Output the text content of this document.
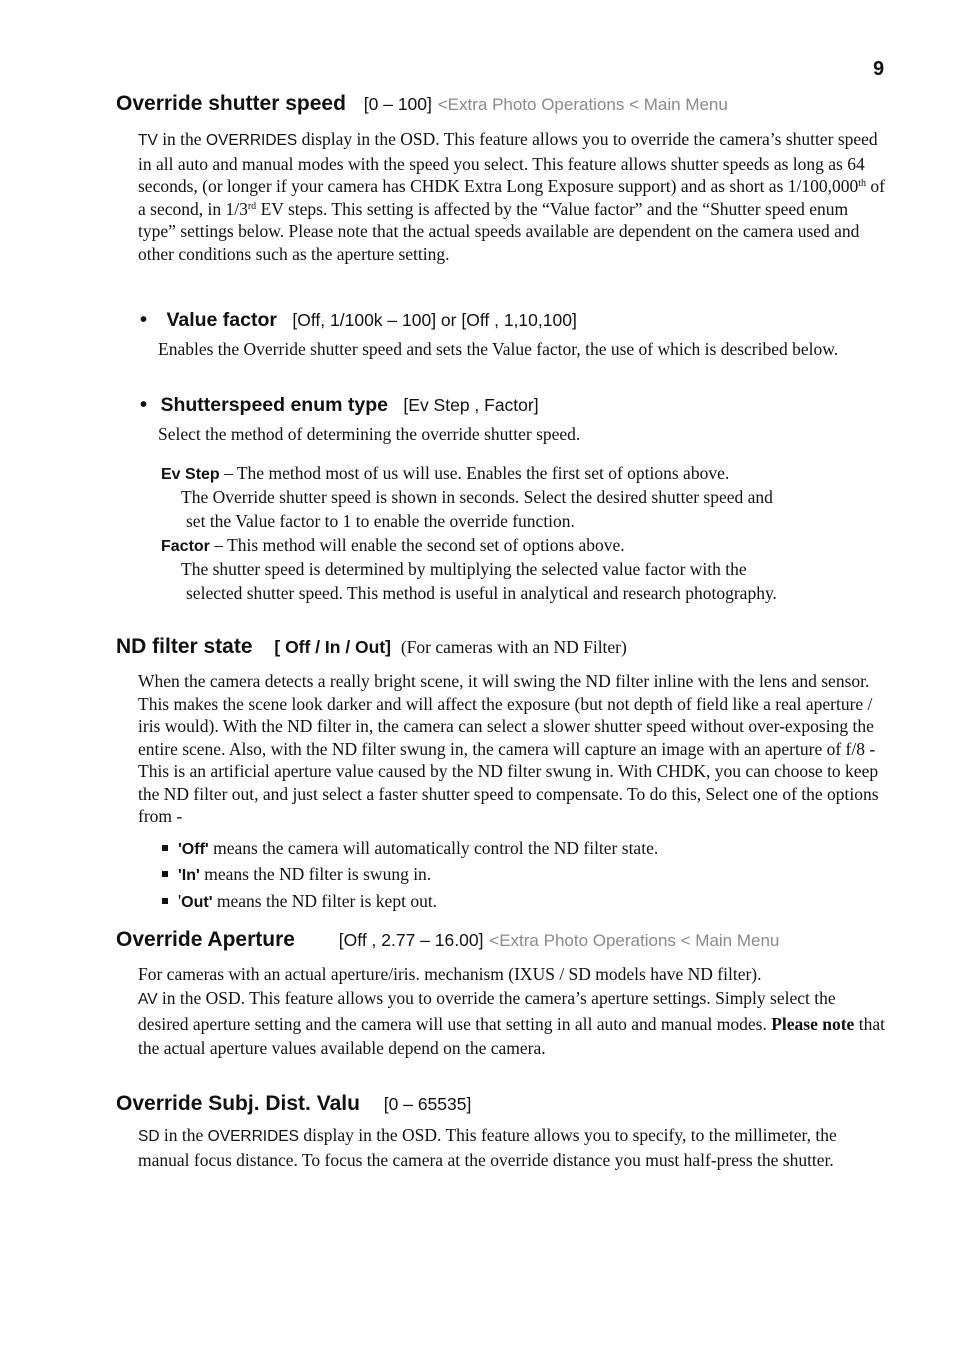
9
Override shutter speed [0 – 100] <Extra Photo Operations < Main Menu
TV in the OVERRIDES display in the OSD. This feature allows you to override the camera’s shutter speed in all auto and manual modes with the speed you select. This feature allows shutter speeds as long as 64 seconds, (or longer if your camera has CHDK Extra Long Exposure support) and as short as 1/100,000th of a second, in 1/3rd EV steps. This setting is affected by the “Value factor” and the “Shutter speed enum type” settings below. Please note that the actual speeds available are dependent on the camera used and other conditions such as the aperture setting.
• Value factor [Off, 1/100k – 100] or [Off , 1,10,100]
Enables the Override shutter speed and sets the Value factor, the use of which is described below.
• Shutterspeed enum type [Ev Step , Factor]
Select the method of determining the override shutter speed.
Ev Step – The method most of us will use. Enables the first set of options above.
The Override shutter speed is shown in seconds. Select the desired shutter speed and
set the Value factor to 1 to enable the override function.
Factor – This method will enable the second set of options above.
The shutter speed is determined by multiplying the selected value factor with the
selected shutter speed. This method is useful in analytical and research photography.
ND filter state [ Off / In / Out] (For cameras with an ND Filter)
When the camera detects a really bright scene, it will swing the ND filter inline with the lens and sensor. This makes the scene look darker and will affect the exposure (but not depth of field like a real aperture / iris would). With the ND filter in, the camera can select a slower shutter speed without over-exposing the entire scene. Also, with the ND filter swung in, the camera will capture an image with an aperture of f/8 - This is an artificial aperture value caused by the ND filter swung in. With CHDK, you can choose to keep the ND filter out, and just select a faster shutter speed to compensate. To do this, Select one of the options from -
'Off' means the camera will automatically control the ND filter state.
'In' means the ND filter is swung in.
'Out' means the ND filter is kept out.
Override Aperture	[Off , 2.77 – 16.00] <Extra Photo Operations < Main Menu
For cameras with an actual aperture/iris. mechanism (IXUS / SD models have ND filter).
AV in the OSD. This feature allows you to override the camera’s aperture settings. Simply select the desired aperture setting and the camera will use that setting in all auto and manual modes. Please note that the actual aperture values available depend on the camera.
Override Subj. Dist. Valu [0 – 65535]
SD in the OVERRIDES display in the OSD. This feature allows you to specify, to the millimeter, the manual focus distance. To focus the camera at the override distance you must half-press the shutter.
